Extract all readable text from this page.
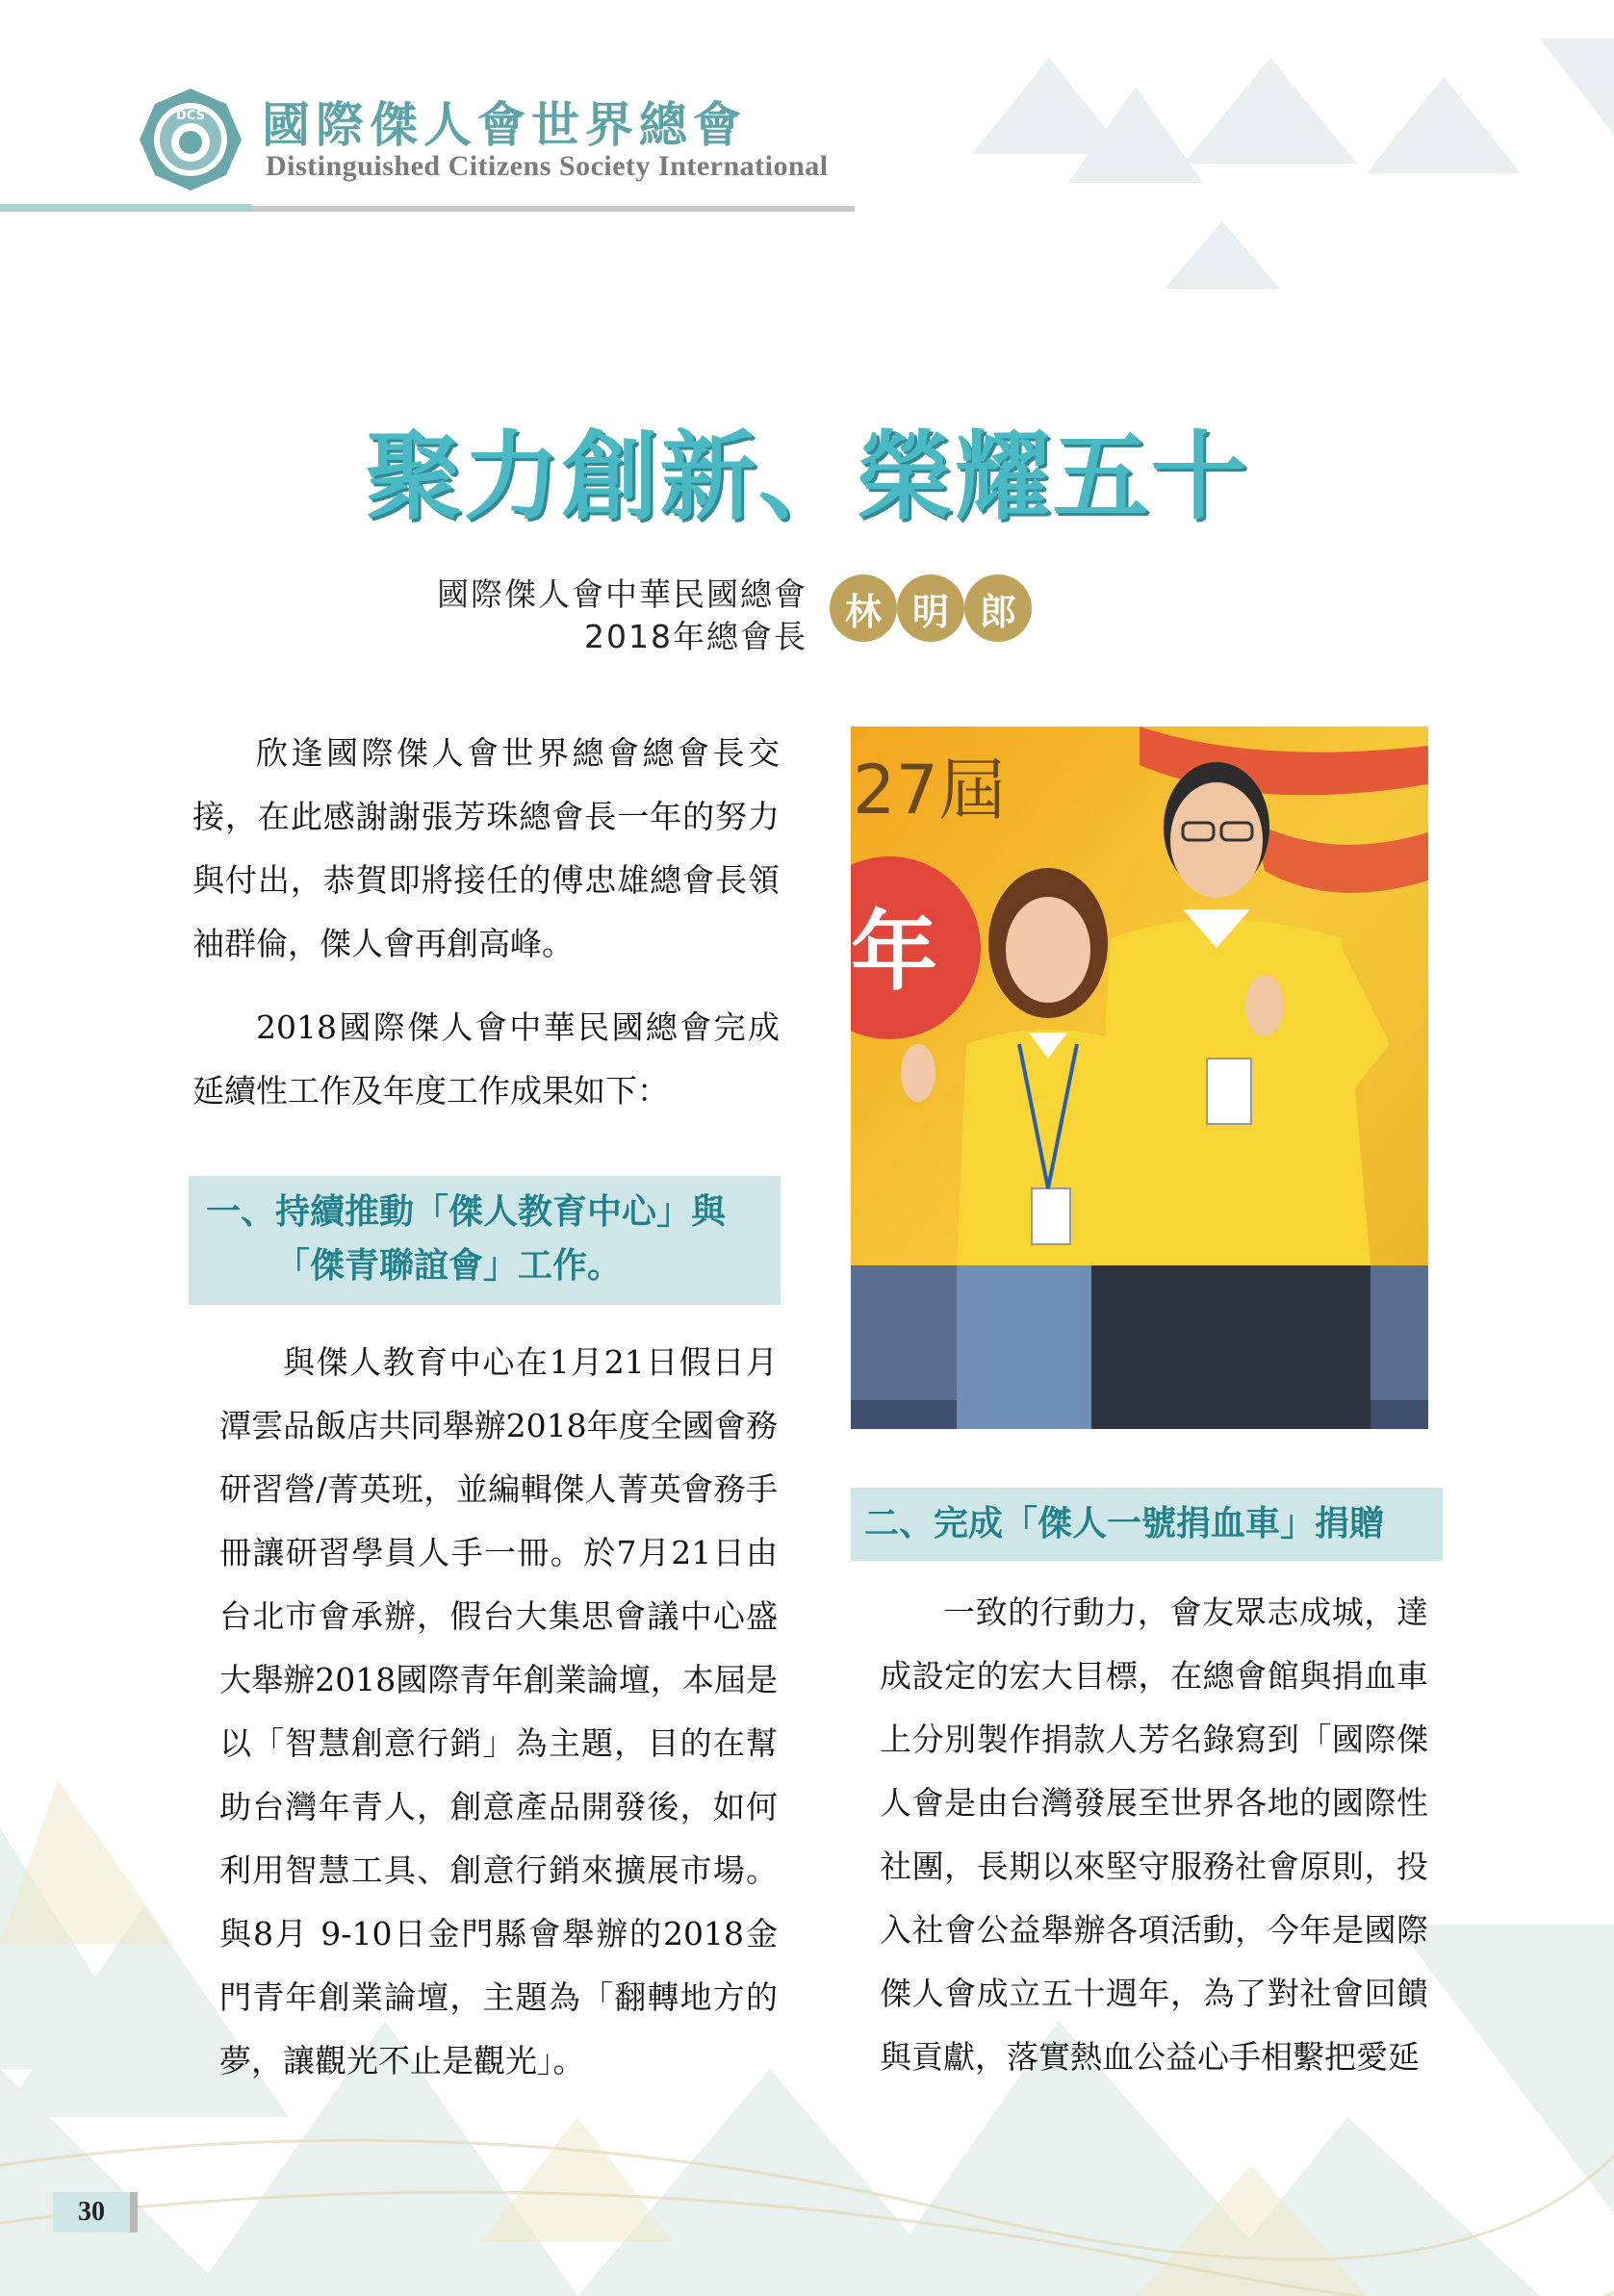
DCS 國際傑人會世界總會
Distinguished Citizens Society International
聚力創新、榮耀五十
國際傑人會中華民國總會
2018年總會長
林 明 郎
欣逢國際傑人會世界總會總會長交接，在此感謝謝張芳珠總會長一年的努力與付出，恭賀即將接任的傅忠雄總會長領袖群倫，傑人會再創高峰。
2018國際傑人會中華民國總會完成延續性工作及年度工作成果如下：
一、持續推動「傑人教育中心」與
「傑青聯誼會」工作。
與傑人教育中心在1月21日假日月潭雲品飯店共同舉辦2018年度全國會務研習營/菁英班，並編輯傑人菁英會務手冊讓研習學員人手一冊。於7月21日由台北市會承辦，假台大集思會議中心盛大舉辦2018國際青年創業論壇，本屆是以「智慧創意行銷」為主題，目的在幫助台灣年青人，創意產品開發後，如何利用智慧工具、創意行銷來擴展市場。與8月 9-10日金門縣會舉辦的2018金門青年創業論壇，主題為「翻轉地方的夢，讓觀光不止是觀光」。
27屆
年
二、完成「傑人一號捐血車」捐贈
一致的行動力，會友眾志成城，達成設定的宏大目標，在總會館與捐血車上分別製作捐款人芳名錄寫到「國際傑人會是由台灣發展至世界各地的國際性社團，長期以來堅守服務社會原則，投入社會公益舉辦各項活動，今年是國際傑人會成立五十週年，為了對社會回饋與貢獻，落實熱血公益心手相繫把愛延
30
